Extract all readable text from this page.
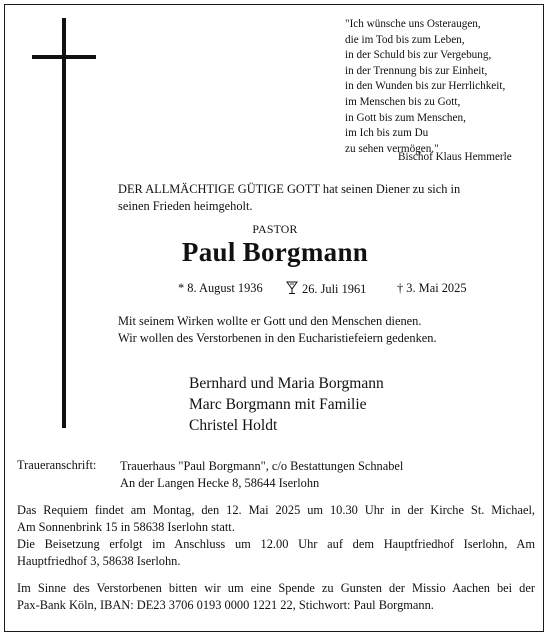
"Ich wünsche uns Osteraugen,
die im Tod bis zum Leben,
in der Schuld bis zur Vergebung,
in der Trennung bis zur Einheit,
in den Wunden bis zur Herrlichkeit,
im Menschen bis zu Gott,
in Gott bis zum Menschen,
im Ich bis zum Du
zu sehen vermögen."
Bischof Klaus Hemmerle
DER ALLMÄCHTIGE GÜTIGE GOTT hat seinen Diener zu sich in
seinen Frieden heimgeholt.
PASTOR
Paul Borgmann
* 8. August 1936	26. Juli 1961 † 3. Mai 2025
Mit seinem Wirken wollte er Gott und den Menschen dienen.
Wir wollen des Verstorbenen in den Eucharistiefeiern gedenken.
Bernhard und Maria Borgmann
Marc Borgmann mit Familie
Christel Holdt
Traueranschrift: Trauerhaus "Paul Borgmann", c/o Bestattungen Schnabel
An der Langen Hecke 8, 58644 Iserlohn
Das Requiem findet am Montag, den 12. Mai 2025 um 10.30 Uhr in der Kirche St. Michael,
Am Sonnenbrink 15 in 58638 Iserlohn statt.
Die Beisetzung erfolgt im Anschluss um 12.00 Uhr auf dem Hauptfriedhof Iserlohn, Am
Hauptfriedhof 3, 58638 Iserlohn.
Im Sinne des Verstorbenen bitten wir um eine Spende zu Gunsten der Missio Aachen bei der
Pax-Bank Köln, IBAN: DE23 3706 0193 0000 1221 22, Stichwort: Paul Borgmann.
